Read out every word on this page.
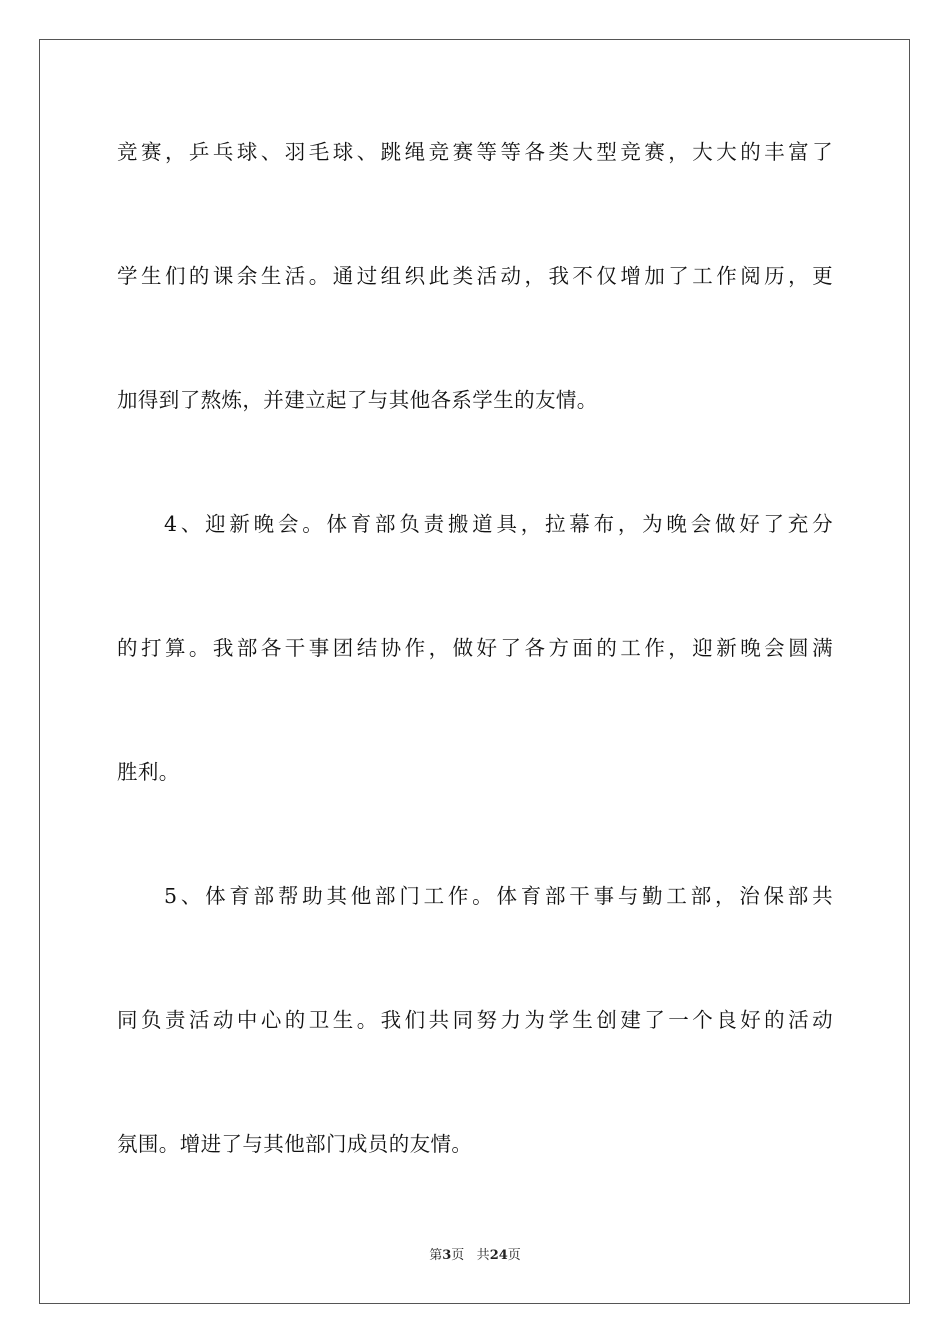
竞赛，乒乓球、羽毛球、跳绳竞赛等等各类大型竞赛，大大的丰富了
学生们的课余生活。通过组织此类活动，我不仅增加了工作阅历，更
加得到了熬炼，并建立起了与其他各系学生的友情。
4、迎新晚会。体育部负责搬道具，拉幕布，为晚会做好了充分
的打算。我部各干事团结协作，做好了各方面的工作，迎新晚会圆满
胜利。
5、体育部帮助其他部门工作。体育部干事与勤工部，治保部共
同负责活动中心的卫生。我们共同努力为学生创建了一个良好的活动
氛围。增进了与其他部门成员的友情。
第3页 共24页
